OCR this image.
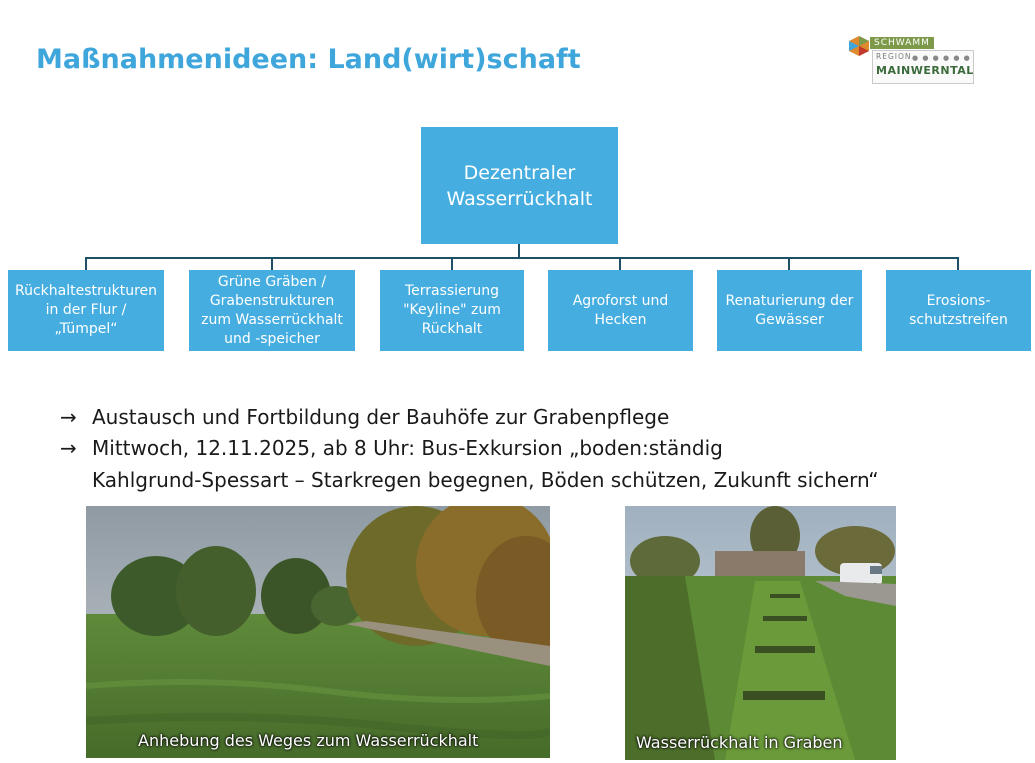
Maßnahmenideen: Land(wirt)schaft
SCHWAMM
REGION ● ● ● ● ● ●
MAINWERNTAL
Dezentraler
Wasserrückhalt
Rückhaltestrukturen
in der Flur /
„Tümpel“
Grüne Gräben /
Grabenstrukturen
zum Wasserrückhalt
und -speicher
Terrassierung
"Keyline" zum
Rückhalt
Agroforst und
Hecken
Renaturierung der
Gewässer
Erosions-
schutzstreifen
→ Austausch und Fortbildung der Bauhöfe zur Grabenpflege
→ Mittwoch, 12.11.2025, ab 8 Uhr: Bus-Exkursion „boden:ständig
Kahlgrund-Spessart – Starkregen begegnen, Böden schützen, Zukunft sichern“
Anhebung des Weges zum Wasserrückhalt	Wasserrückhalt in Graben
